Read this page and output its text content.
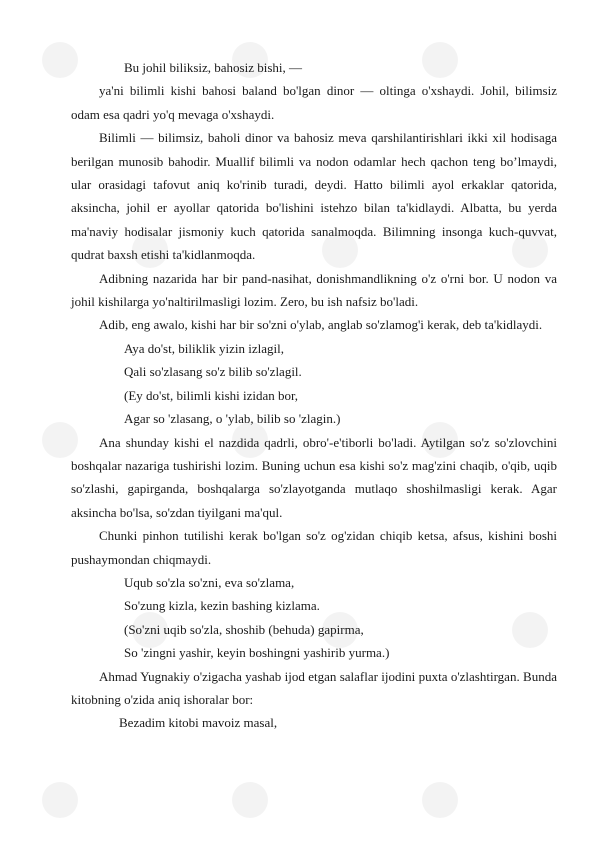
Bu johil biliksiz, bahosiz bishi, —

ya'ni bilimli kishi bahosi baland bo'lgan dinor — oltinga o'xshaydi. Johil, bilimsiz odam esa qadri yo'q mevaga o'xshaydi.

Bilimli — bilimsiz, baholi dinor va bahosiz meva qarshilantirishlari ikki xil hodisaga berilgan munosib bahodir. Muallif bilimli va nodon odamlar hech qachon teng bo’lmaydi, ular orasidagi tafovut aniq ko'rinib turadi, deydi. Hatto bilimli ayol erkaklar qatorida, aksincha, johil er ayollar qatorida bo'lishini istehzo bilan ta'kidlaydi. Albatta, bu yerda ma'naviy hodisalar jismoniy kuch qatorida sanalmoqda. Bilimning insonga kuch-quvvat, qudrat baxsh etishi ta'kidlanmoqda.

Adibning nazarida har bir pand-nasihat, donishmandlikning o'z o'rni bor. U nodon va johil kishilarga yo'naltirilmasligi lozim. Zero, bu ish nafsiz bo'ladi.

Adib, eng awalo, kishi har bir so'zni o'ylab, anglab so'zlamog'i kerak, deb ta'kidlaydi.

Aya do'st, biliklik yizin izlagil,

Qali so'zlasang so'z bilib so'zlagil.

(Ey do'st, bilimli kishi izidan bor,

Agar so 'zlasang, o 'ylab, bilib so 'zlagin.)

Ana shunday kishi el nazdida qadrli, obro'-e'tiborli bo'ladi. Aytilgan so'z so'zlovchini boshqalar nazariga tushirishi lozim. Buning uchun esa kishi so'z mag'zini chaqib, o'qib, uqib so'zlashi, gapirganda, boshqalarga so'zlayotganda mutlaqo shoshilmasligi kerak. Agar aksincha bo'lsa, so'zdan tiyilgani ma'qul.

Chunki pinhon tutilishi kerak bo'lgan so'z og'zidan chiqib ketsa, afsus, kishini boshi pushaymondan chiqmaydi.

Uqub so'zla so'zni, eva so'zlama,

So'zung kizla, kezin bashing kizlama.

(So'zni uqib so'zla, shoshib (behuda) gapirma,

So 'zingni yashir, keyin boshingni yashirib yurma.)

Ahmad Yugnakiy o'zigacha yashab ijod etgan salaflar ijodini puxta o'zlashtirgan. Bunda kitobning o'zida aniq ishoralar bor:

Bezadim kitobi mavoiz masal,
